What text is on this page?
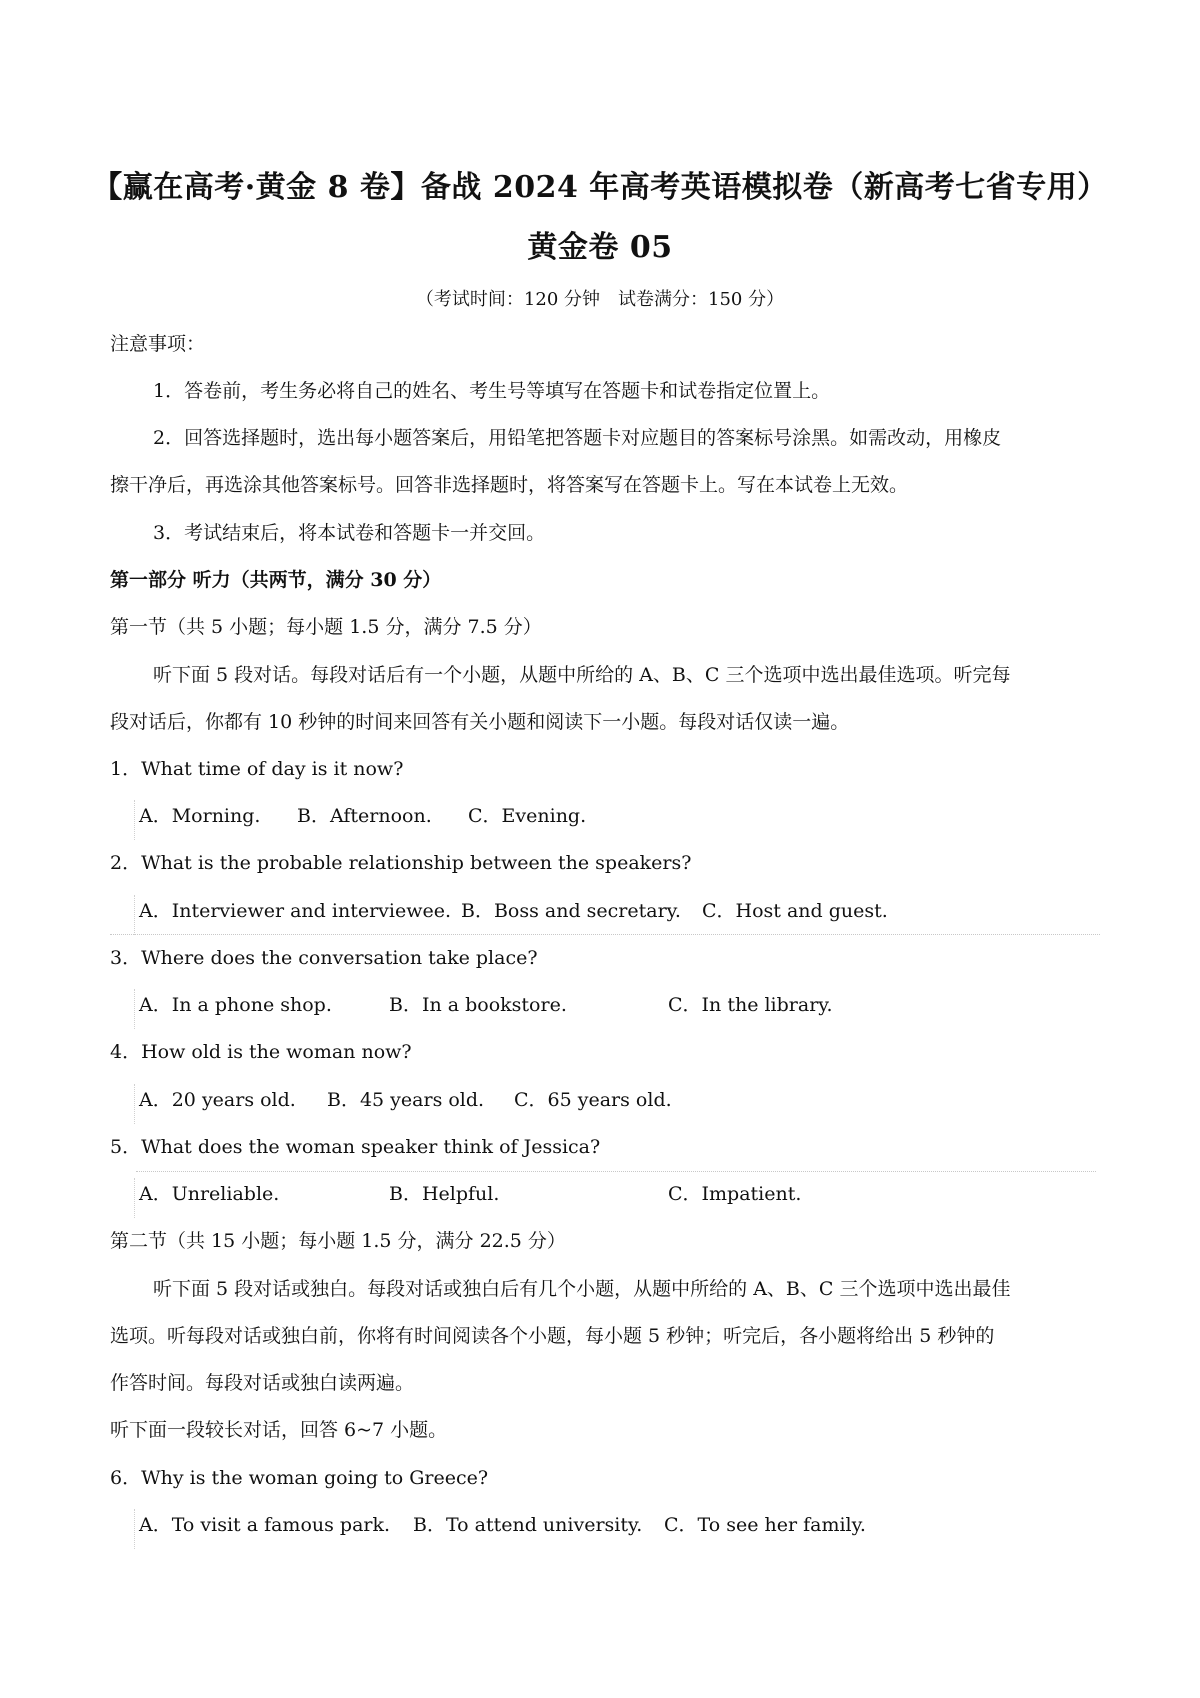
【赢在高考·黄金 8 卷】备战 2024 年高考英语模拟卷（新高考七省专用）
黄金卷 05
（考试时间：120 分钟　试卷满分：150 分）
注意事项：
1．答卷前，考生务必将自己的姓名、考生号等填写在答题卡和试卷指定位置上。
2．回答选择题时，选出每小题答案后，用铅笔把答题卡对应题目的答案标号涂黑。如需改动，用橡皮
擦干净后，再选涂其他答案标号。回答非选择题时，将答案写在答题卡上。写在本试卷上无效。
3．考试结束后，将本试卷和答题卡一并交回。
第一部分 听力（共两节，满分 30 分）
第一节（共 5 小题；每小题 1.5 分，满分 7.5 分）
听下面 5 段对话。每段对话后有一个小题，从题中所给的 A、B、C 三个选项中选出最佳选项。听完每
段对话后，你都有 10 秒钟的时间来回答有关小题和阅读下一小题。每段对话仅读一遍。
1．What time of day is it now?
A．Morning. B．Afternoon. C．Evening.
2．What is the probable relationship between the speakers?
A．Interviewer and interviewee. B．Boss and secretary. C．Host and guest.
3．Where does the conversation take place?
A．In a phone shop.	B．In a bookstore.	C．In the library.
4．How old is the woman now?
A．20 years old. B．45 years old. C．65 years old.
5．What does the woman speaker think of Jessica?
A．Unreliable.	B．Helpful.	C．Impatient.
第二节（共 15 小题；每小题 1.5 分，满分 22.5 分）
听下面 5 段对话或独白。每段对话或独白后有几个小题，从题中所给的 A、B、C 三个选项中选出最佳
选项。听每段对话或独白前，你将有时间阅读各个小题，每小题 5 秒钟；听完后，各小题将给出 5 秒钟的
作答时间。每段对话或独白读两遍。
听下面一段较长对话，回答 6~7 小题。
6．Why is the woman going to Greece?
A．To visit a famous park. B．To attend university. C．To see her family.
